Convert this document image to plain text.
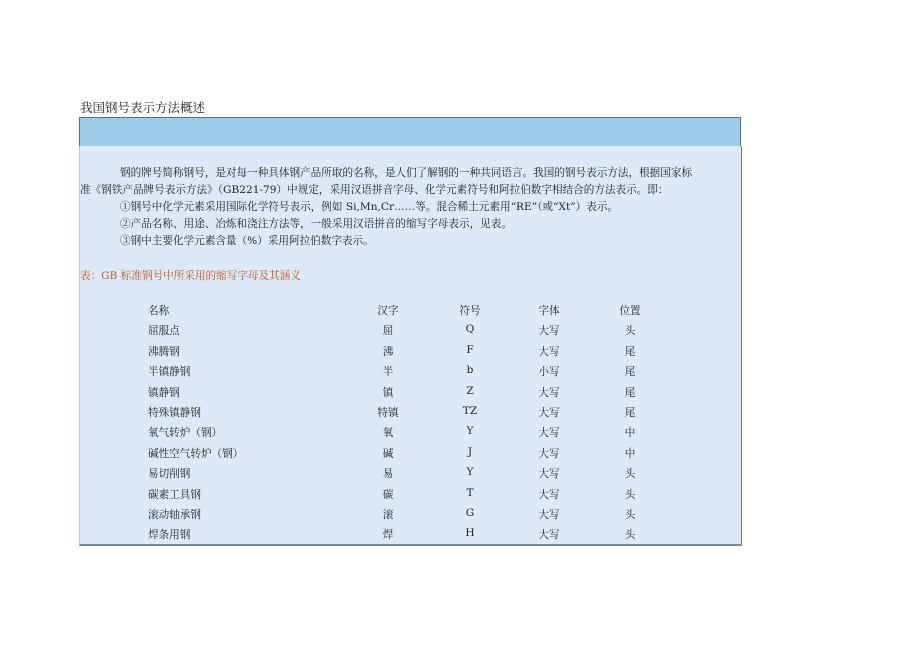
我国钢号表示方法概述
钢的牌号简称钢号，是对每一种具体钢产品所取的名称，是人们了解钢的一种共同语言。我国的钢号表示方法，根据国家标
准《钢铁产品牌号表示方法》（GB221-79）中规定，采用汉语拼音字母、化学元素符号和阿拉伯数字相结合的方法表示。即：
①钢号中化学元素采用国际化学符号表示，例如 Si,Mn,Cr……等。混合稀土元素用“RE”（或“Xt”）表示。
②产品名称、用途、冶炼和浇注方法等，一般采用汉语拼音的缩写字母表示，见表。
③钢中主要化学元素含量（%）采用阿拉伯数字表示。
名称	汉字	符号	字体	位置
屈服点	屈	Q	大写	头
沸腾钢	沸	F	大写	尾
半镇静钢	半	b	小写	尾
镇静钢	镇	Z	大写	尾
特殊镇静钢	特镇	TZ	大写	尾
氧气转炉（钢）	氧	Y	大写	中
碱性空气转炉（钢）	碱	J	大写	中
易切削钢	易	Y	大写	头
碳素工具钢	碳	T	大写	头
滚动轴承钢	滚	G	大写	头
焊条用钢	焊	H	大写	头
表：GB 标准钢号中所采用的缩写字母及其涵义
